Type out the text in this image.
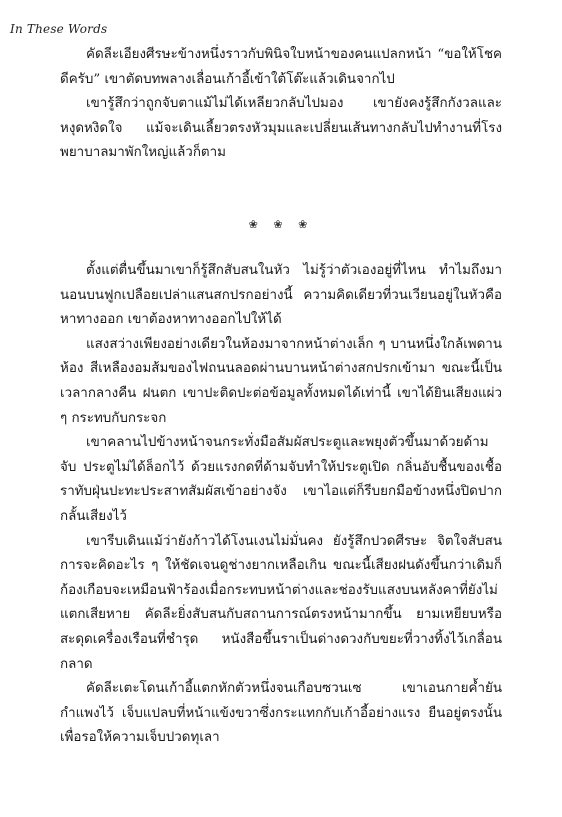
In These Words

คัดลีะเอียงศีรษะข้างหนึ่งราวกับพินิจใบหน้าของคนแปลกหน้า “ขอให้โชคดีครับ” เขาตัดบทพลางเลื่อนเก้าอี้เข้าใต้โต๊ะแล้วเดินจากไป

เขารู้สึกว่าถูกจับตาแม้ไม่ได้เหลียวกลับไปมอง เขายังคงรู้สึกกังวลและหงุดหงิดใจ แม้จะเดินเลี้ยวตรงหัวมุมและเปลี่ยนเส้นทางกลับไปทำงานที่โรงพยาบาลมาพักใหญ่แล้วก็ตาม

❀ ❀ ❀

ตั้งแต่ตื่นขึ้นมาเขาก็รู้สึกสับสนในหัว ไม่รู้ว่าตัวเองอยู่ที่ไหน ทำไมถึงมานอนบนฟูกเปลือยเปล่าแสนสกปรกอย่างนี้ ความคิดเดียวที่วนเวียนอยู่ในหัวคือหาทางออก เขาต้องหาทางออกไปให้ได้

แสงสว่างเพียงอย่างเดียวในห้องมาจากหน้าต่างเล็ก ๆ บานหนึ่งใกล้เพดานห้อง สีเหลืองอมส้มของไฟถนนลอดผ่านบานหน้าต่างสกปรกเข้ามา ขณะนี้เป็นเวลากลางคืน ฝนตก เขาปะติดปะต่อข้อมูลทั้งหมดได้เท่านี้ เขาได้ยินเสียงแผ่ว ๆ กระทบกับกระจก

เขาคลานไปข้างหน้าจนกระทั่งมือสัมผัสประตูและพยุงตัวขึ้นมาด้วยด้ามจับ ประตูไม่ได้ล็อกไว้ ด้วยแรงกดที่ด้ามจับทำให้ประตูเปิด กลิ่นอับชื้นของเชื้อราทับฝุ่นปะทะประสาทสัมผัสเข้าอย่างจัง เขาไอแต่ก็รีบยกมือข้างหนึ่งปิดปากกลั้นเสียงไว้

เขารีบเดินแม้ว่ายังก้าวได้โงนเงนไม่มั่นคง ยังรู้สึกปวดศีรษะ จิตใจสับสน การจะคิดอะไร ๆ ให้ชัดเจนดูช่างยากเหลือเกิน ขณะนี้เสียงฝนดังขึ้นกว่าเดิมก็ก้องเกือบจะเหมือนฟ้าร้องเมื่อกระทบหน้าต่างและช่องรับแสงบนหลังคาที่ยังไม่แตกเสียหาย คัดลีะยิ่งสับสนกับสถานการณ์ตรงหน้ามากขึ้น ยามเหยียบหรือสะดุดเครื่องเรือนที่ชำรุด หนังสือขึ้นราเป็นด่างดวงกับขยะที่วางทิ้งไว้เกลื่อนกลาด

คัดลีะเตะโดนเก้าอี้แตกหักตัวหนึ่งจนเกือบซวนเซ เขาเอนกายค้ำยันกำแพงไว้ เจ็บแปลบที่หน้าแข้งขวาซึ่งกระแทกกับเก้าอี้อย่างแรง ยืนอยู่ตรงนั้นเพื่อรอให้ความเจ็บปวดทุเลา
